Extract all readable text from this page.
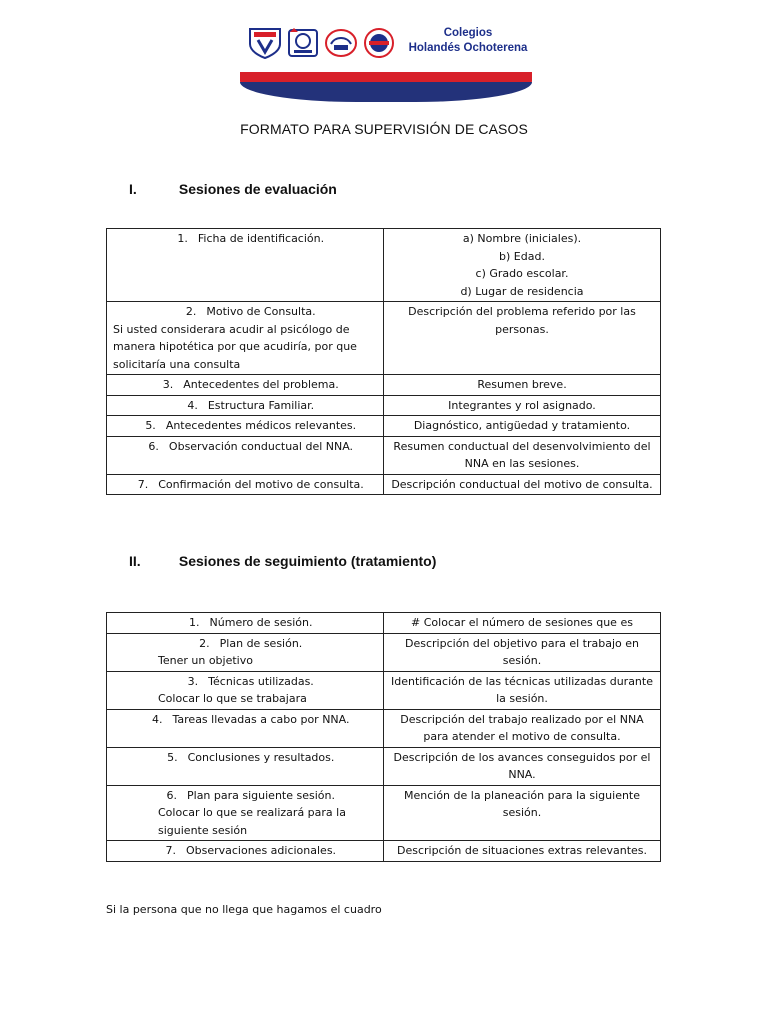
Colegios
Holandés Ochoterena
FORMATO PARA SUPERVISIÓN DE CASOS
I.	Sesiones de evaluación
1. Ficha de identificación.	a) Nombre (iniciales).
b) Edad.
c) Grado escolar.
d) Lugar de residencia

2. Motivo de Consulta.
Si usted considerara acudir al psicólogo de manera hipotética por que acudiría, por que solicitaría una consulta	Descripción del problema referido por las personas.

3. Antecedentes del problema.	Resumen breve.

4. Estructura Familiar.	Integrantes y rol asignado.

5. Antecedentes médicos relevantes.	Diagnóstico, antigüedad y tratamiento.

6. Observación conductual del NNA.	Resumen conductual del desenvolvimiento del NNA en las sesiones.

7. Confirmación del motivo de consulta.	Descripción conductual del motivo de consulta.
II.	Sesiones de seguimiento (tratamiento)
1. Número de sesión.	# Colocar el número de sesiones que es

2. Plan de sesión.
Tener un objetivo	Descripción del objetivo para el trabajo en sesión.

3. Técnicas utilizadas.
Colocar lo que se trabajara	Identificación de las técnicas utilizadas durante la sesión.

4. Tareas llevadas a cabo por NNA.	Descripción del trabajo realizado por el NNA para atender el motivo de consulta.

5. Conclusiones y resultados.	Descripción de los avances conseguidos por el NNA.

6. Plan para siguiente sesión.
Colocar lo que se realizará para la siguiente sesión	Mención de la planeación para la siguiente sesión.

7. Observaciones adicionales.	Descripción de situaciones extras relevantes.
Si la persona que no llega que hagamos el cuadro
